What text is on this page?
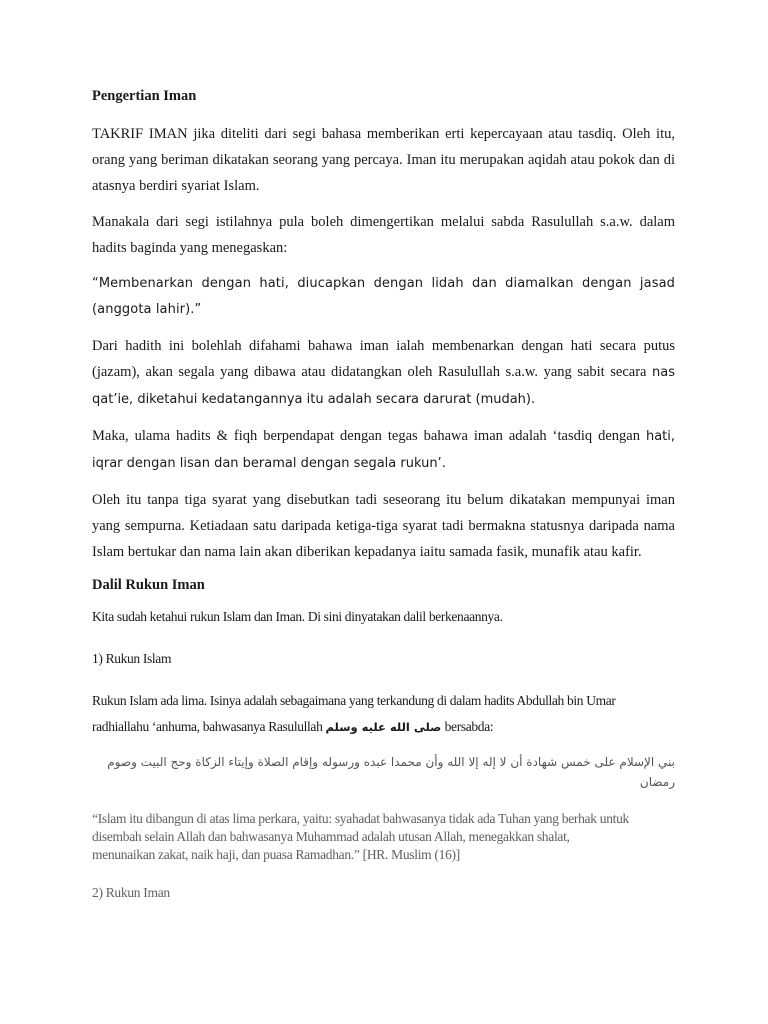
Pengertian Iman

TAKRIF IMAN jika diteliti dari segi bahasa memberikan erti kepercayaan atau tasdiq. Oleh itu, orang yang beriman dikatakan seorang yang percaya. Iman itu merupakan aqidah atau pokok dan di atasnya berdiri syariat Islam.

Manakala dari segi istilahnya pula boleh dimengertikan melalui sabda Rasulullah s.a.w. dalam hadits baginda yang menegaskan:

“Membenarkan dengan hati, diucapkan dengan lidah dan diamalkan dengan jasad (anggota lahir).”

Dari hadith ini bolehlah difahami bahawa iman ialah membenarkan dengan hati secara putus (jazam), akan segala yang dibawa atau didatangkan oleh Rasulullah s.a.w. yang sabit secara nas qat’ie, diketahui kedatangannya itu adalah secara darurat (mudah).

Maka, ulama hadits & fiqh berpendapat dengan tegas bahawa iman adalah ‘tasdiq dengan hati, iqrar dengan lisan dan beramal dengan segala rukun’.

Oleh itu tanpa tiga syarat yang disebutkan tadi seseorang itu belum dikatakan mempunyai iman yang sempurna. Ketiadaan satu daripada ketiga-tiga syarat tadi bermakna statusnya daripada nama Islam bertukar dan nama lain akan diberikan kepadanya iaitu samada fasik, munafik atau kafir.

Dalil Rukun Iman

Kita sudah ketahui rukun Islam dan Iman. Di sini dinyatakan dalil berkenaannya.

1) Rukun Islam

Rukun Islam ada lima. Isinya adalah sebagaimana yang terkandung di dalam hadits Abdullah bin Umar
radhiallahu ‘anhuma, bahwasanya Rasulullah صلى الله عليه وسلم bersabda:

بني الإسلام على خمس شهادة أن لا إله إلا الله وأن محمدا عبده ورسوله وإقام الصلاة وإيتاء الزكاة وحج البيت وصوم رمضان

“Islam itu dibangun di atas lima perkara, yaitu: syahadat bahwasanya tidak ada Tuhan yang berhak untuk

disembah selain Allah dan bahwasanya Muhammad adalah utusan Allah, menegakkan shalat,

menunaikan zakat, naik haji, dan puasa Ramadhan.” [HR. Muslim (16)]

2) Rukun Iman
